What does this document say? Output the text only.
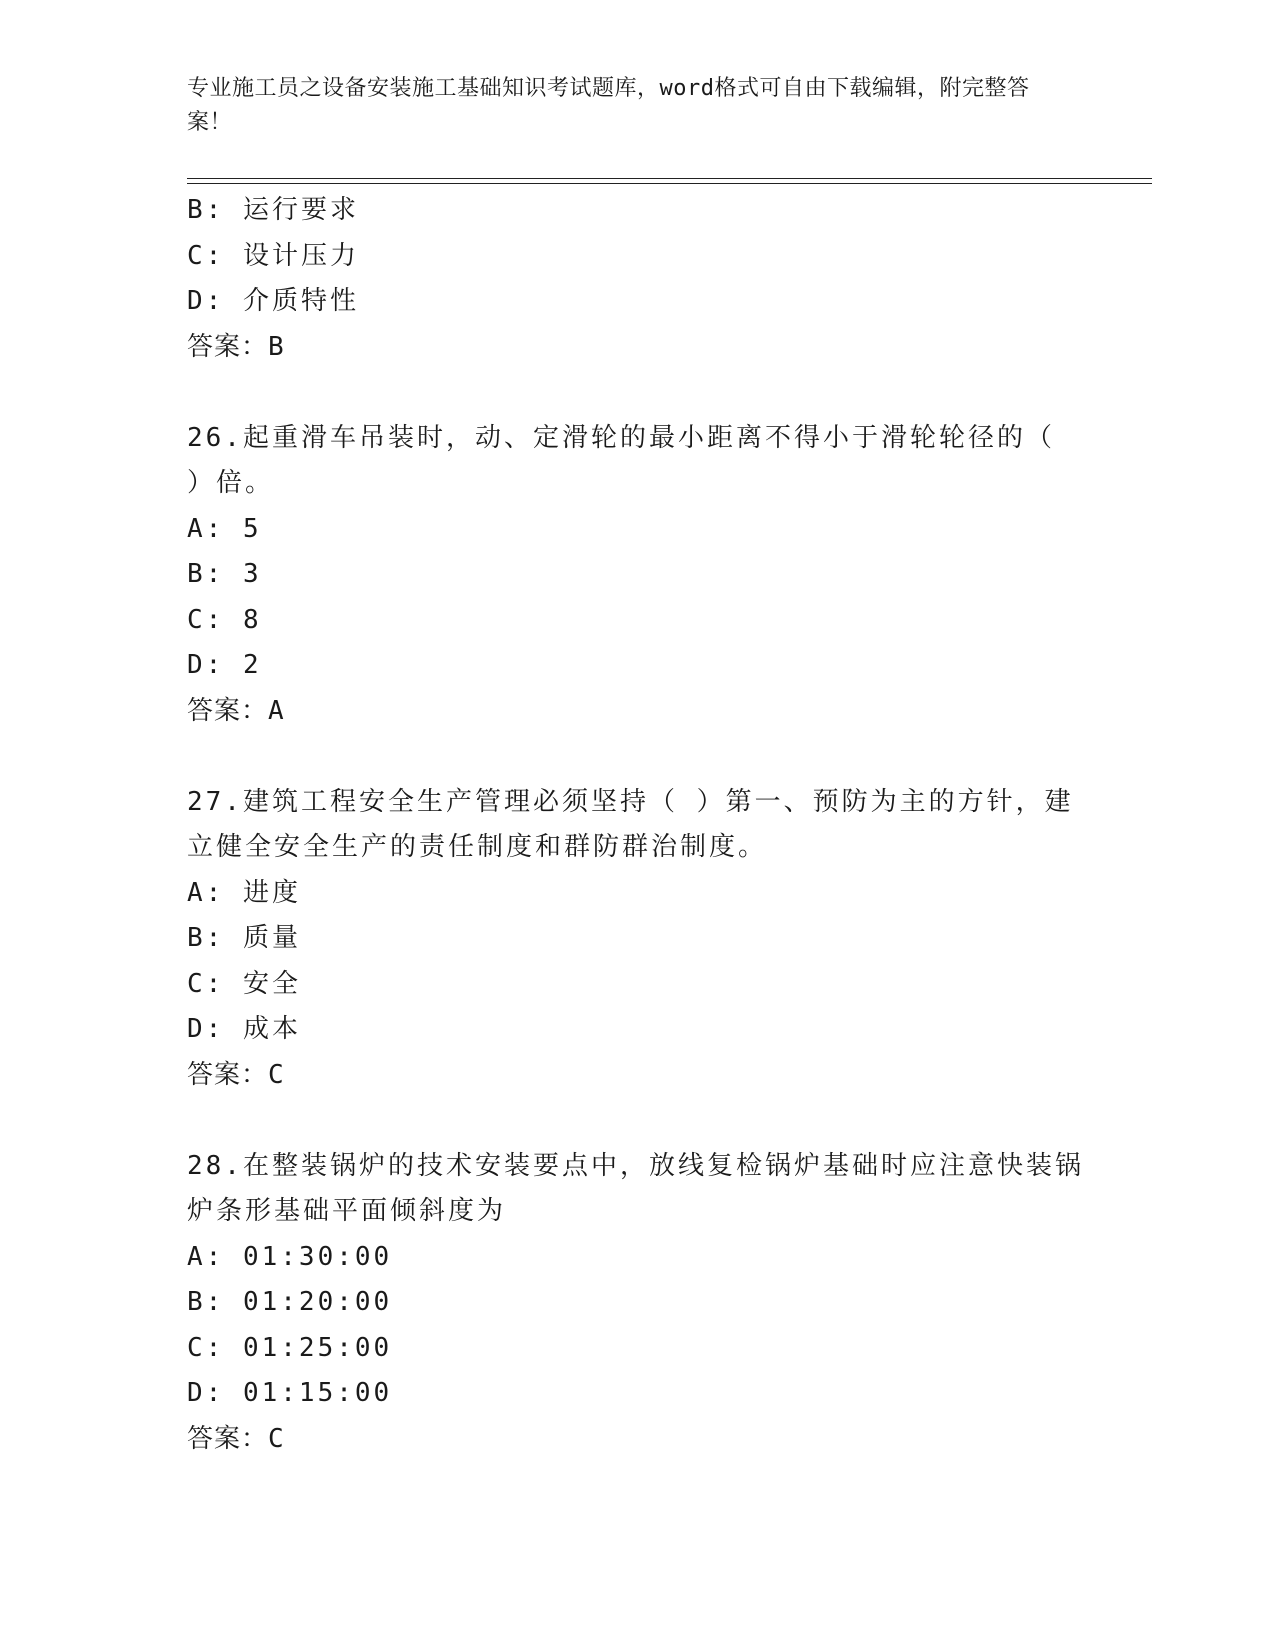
专业施工员之设备安装施工基础知识考试题库，word格式可自由下载编辑，附完整答案！
B: 运行要求
C: 设计压力
D: 介质特性
答案：B
26.起重滑车吊装时，动、定滑轮的最小距离不得小于滑轮轮径的（
）倍。
A: 5
B: 3
C: 8
D: 2
答案：A
27.建筑工程安全生产管理必须坚持（ ）第一、预防为主的方针，建
立健全安全生产的责任制度和群防群治制度。
A: 进度
B: 质量
C: 安全
D: 成本
答案：C
28.在整装锅炉的技术安装要点中，放线复检锅炉基础时应注意快装锅
炉条形基础平面倾斜度为
A: 01:30:00
B: 01:20:00
C: 01:25:00
D: 01:15:00
答案：C
